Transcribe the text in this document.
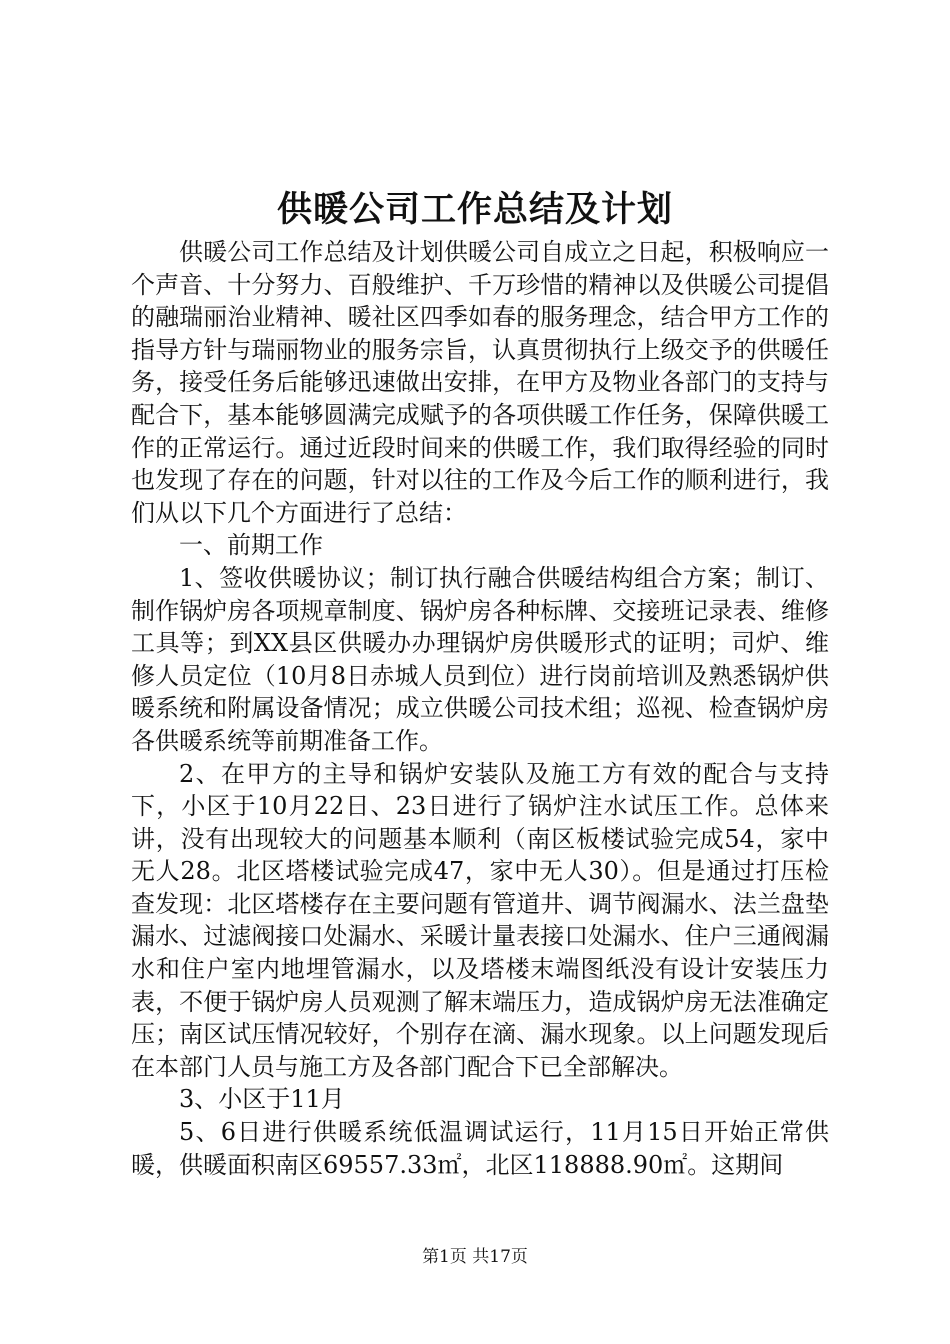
供暖公司工作总结及计划

供暖公司工作总结及计划供暖公司自成立之日起，积极响应一个声音、十分努力、百般维护、千万珍惜的精神以及供暖公司提倡的融瑞丽治业精神、暖社区四季如春的服务理念，结合甲方工作的指导方针与瑞丽物业的服务宗旨，认真贯彻执行上级交予的供暖任务，接受任务后能够迅速做出安排，在甲方及物业各部门的支持与配合下，基本能够圆满完成赋予的各项供暖工作任务，保障供暖工作的正常运行。通过近段时间来的供暖工作，我们取得经验的同时也发现了存在的问题，针对以往的工作及今后工作的顺利进行，我们从以下几个方面进行了总结：

一、前期工作

1、签收供暖协议；制订执行融合供暖结构组合方案；制订、制作锅炉房各项规章制度、锅炉房各种标牌、交接班记录表、维修工具等；到XX县区供暖办办理锅炉房供暖形式的证明；司炉、维修人员定位（10月8日赤城人员到位）进行岗前培训及熟悉锅炉供暖系统和附属设备情况；成立供暖公司技术组；巡视、检查锅炉房各供暖系统等前期准备工作。

2、在甲方的主导和锅炉安装队及施工方有效的配合与支持下，小区于10月22日、23日进行了锅炉注水试压工作。总体来讲，没有出现较大的问题基本顺利（南区板楼试验完成54，家中无人28。北区塔楼试验完成47，家中无人30）。但是通过打压检查发现：北区塔楼存在主要问题有管道井、调节阀漏水、法兰盘垫漏水、过滤阀接口处漏水、采暖计量表接口处漏水、住户三通阀漏水和住户室内地埋管漏水，以及塔楼末端图纸没有设计安装压力表，不便于锅炉房人员观测了解末端压力，造成锅炉房无法准确定压；南区试压情况较好，个别存在滴、漏水现象。以上问题发现后在本部门人员与施工方及各部门配合下已全部解决。

3、小区于11月

5、6日进行供暖系统低温调试运行，11月15日开始正常供暖，供暖面积南区69557.33㎡，北区118888.90㎡。这期间

第1页 共17页
